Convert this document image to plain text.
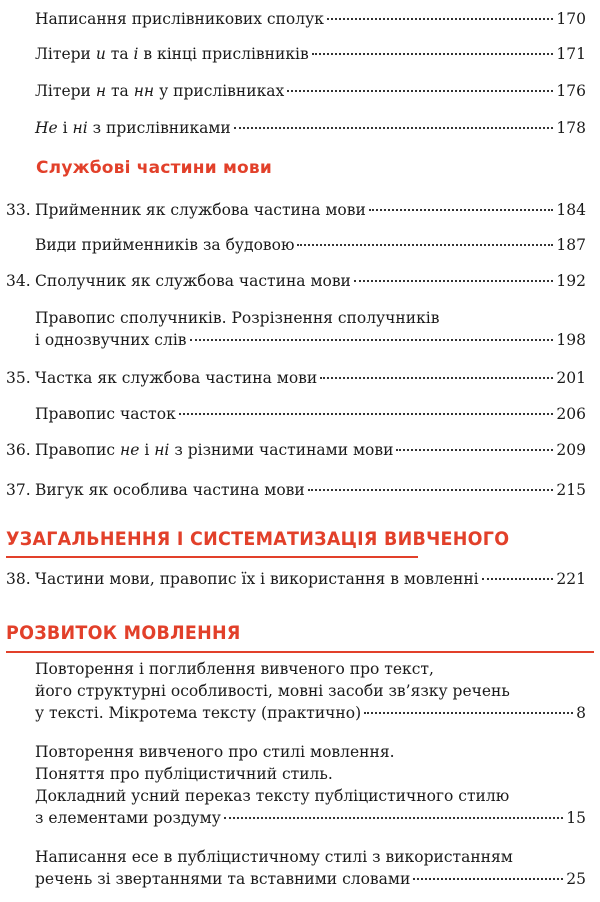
Написання прислівникових сполук	170
Літери и та і в кінці прислівників	171
Літери н та нн у прислівниках	176
Не і ні з прислівниками	178
Службові частини мови
33. Прийменник як службова частина мови	184
Види прийменників за будовою	187
34. Сполучник як службова частина мови	192
Правопис сполучників. Розрізнення сполучників
і однозвучних слів	198
35. Частка як службова частина мови	201
Правопис часток	206
36. Правопис не і ні з різними частинами мови	209
37. Вигук як особлива частина мови	215
УЗАГАЛЬНЕННЯ І СИСТЕМАТИЗАЦІЯ ВИВЧЕНОГО
38. Частини мови, правопис їх і використання в мовленні	221
РОЗВИТОК МОВЛЕННЯ
Повторення і поглиблення вивченого про текст,
його структурні особливості, мовні засоби зв’язку речень
у тексті. Мікротема тексту (практично)	8
Повторення вивченого про стилі мовлення.
Поняття про публіцистичний стиль.
Докладний усний переказ тексту публіцистичного стилю
з елементами роздуму	15
Написання есе в публіцистичному стилі з використанням
речень зі звертаннями та вставними словами	25
